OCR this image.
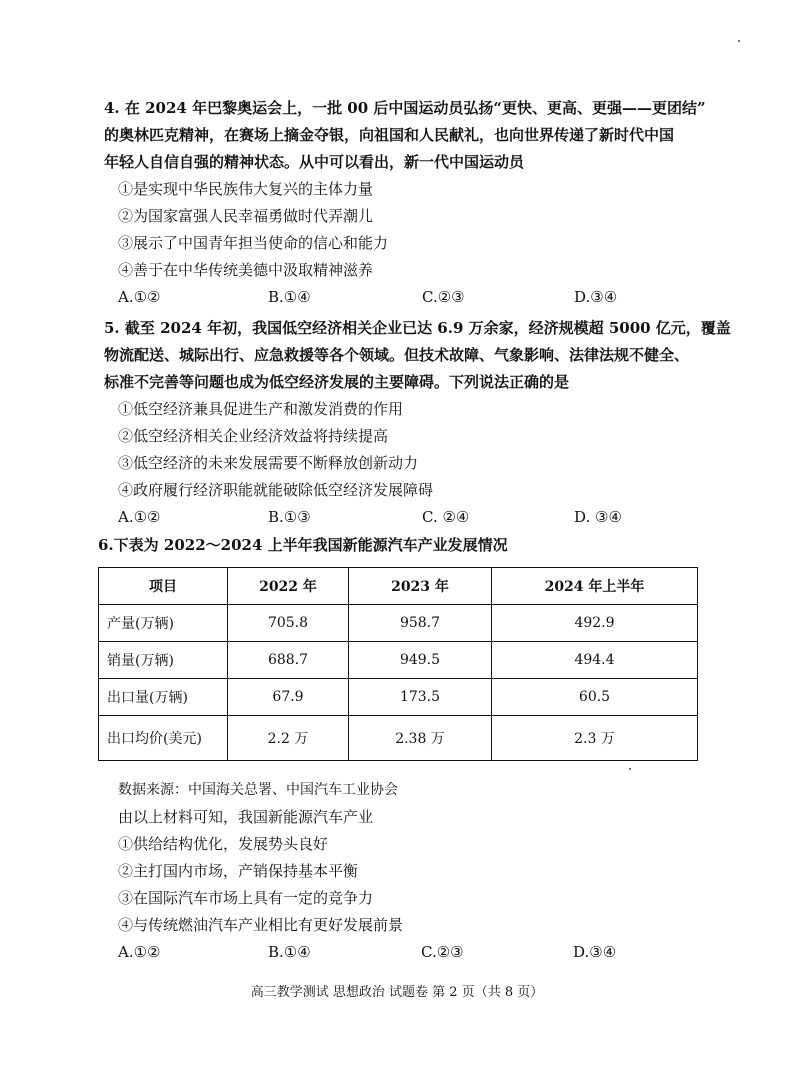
4. 在 2024 年巴黎奥运会上，一批 00 后中国运动员弘扬“更快、更高、更强——更团结”
的奥林匹克精神，在赛场上摘金夺银，向祖国和人民献礼，也向世界传递了新时代中国
年轻人自信自强的精神状态。从中可以看出，新一代中国运动员
①是实现中华民族伟大复兴的主体力量
②为国家富强人民幸福勇做时代弄潮儿
③展示了中国青年担当使命的信心和能力
④善于在中华传统美德中汲取精神滋养
A.①②	B.①④	C.②③	D.③④
5. 截至 2024 年初，我国低空经济相关企业已达 6.9 万余家，经济规模超 5000 亿元，覆盖
物流配送、城际出行、应急救援等各个领域。但技术故障、气象影响、法律法规不健全、
标准不完善等问题也成为低空经济发展的主要障碍。下列说法正确的是
①低空经济兼具促进生产和激发消费的作用
②低空经济相关企业经济效益将持续提高
③低空经济的未来发展需要不断释放创新动力
④政府履行经济职能就能破除低空经济发展障碍
A.①②	B.①③	C. ②④	D. ③④
6.下表为 2022～2024 上半年我国新能源汽车产业发展情况
项目	2022 年	2023 年	2024 年上半年
产量(万辆)	705.8	958.7	492.9
销量(万辆)	688.7	949.5	494.4
出口量(万辆)	67.9	173.5	60.5
出口均价(美元)	2.2 万	2.38 万	2.3 万
数据来源：中国海关总署、中国汽车工业协会
由以上材料可知，我国新能源汽车产业
①供给结构优化，发展势头良好
②主打国内市场，产销保持基本平衡
③在国际汽车市场上具有一定的竞争力
④与传统燃油汽车产业相比有更好发展前景
A.①②	B.①④	C.②③	D.③④
高三教学测试 思想政治 试题卷 第 2 页（共 8 页）
